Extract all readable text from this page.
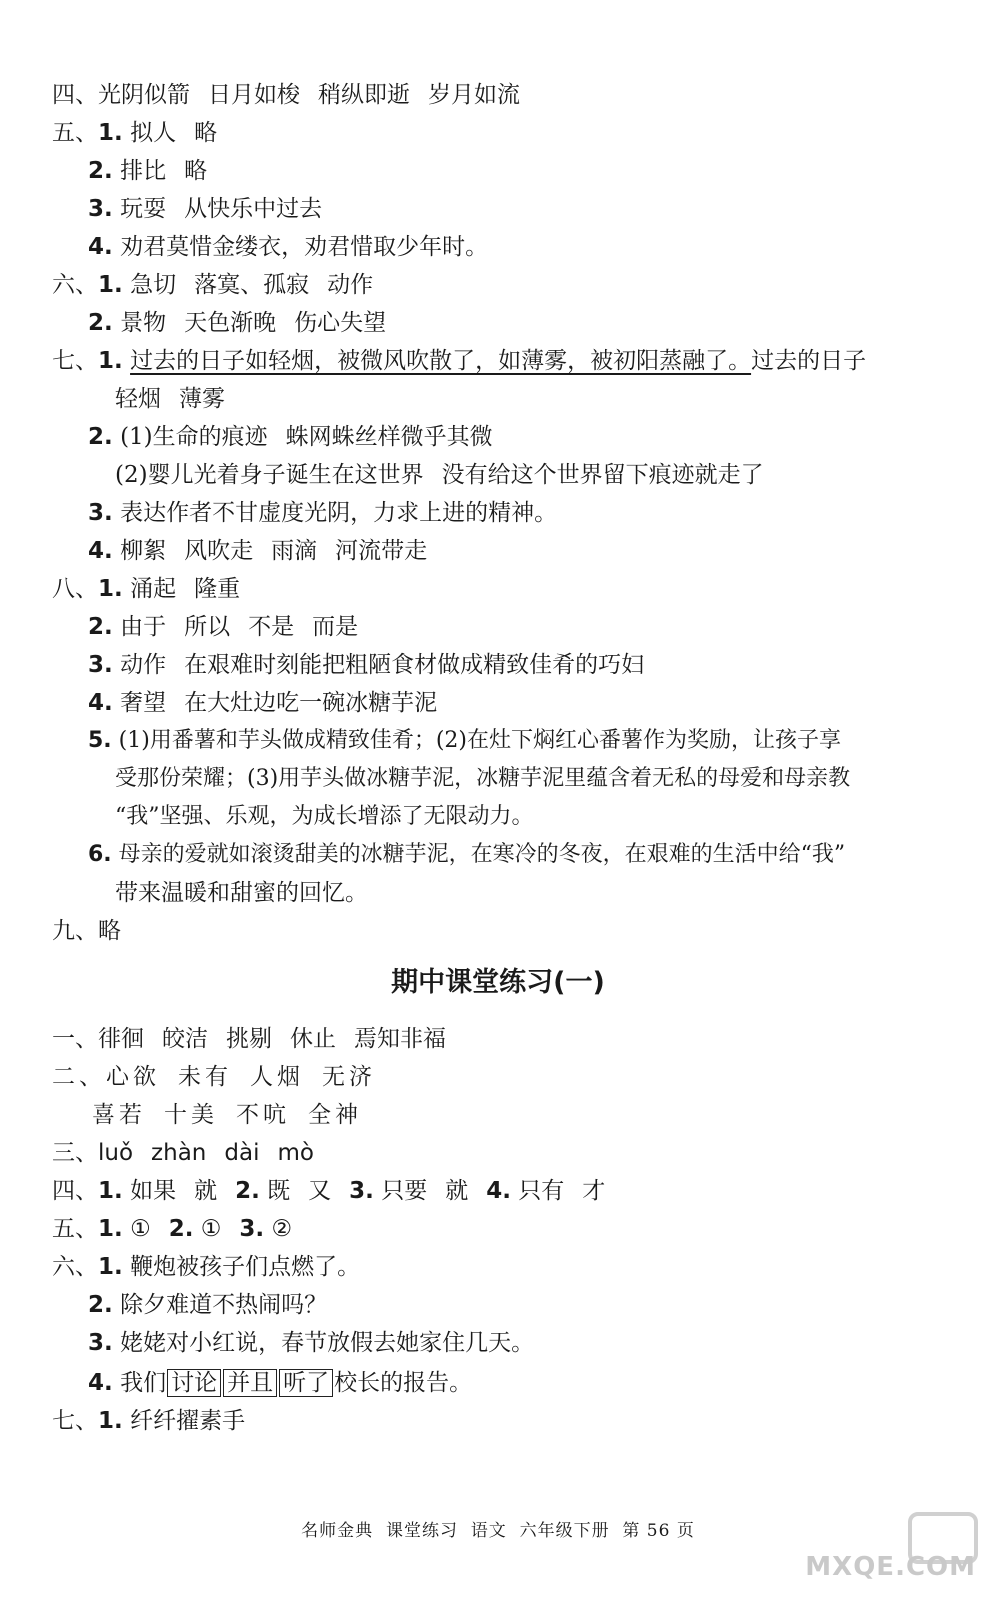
四、光阴似箭 日月如梭 稍纵即逝 岁月如流
五、1. 拟人 略
2. 排比 略
3. 玩耍 从快乐中过去
4. 劝君莫惜金缕衣，劝君惜取少年时。
六、1. 急切 落寞、孤寂 动作
2. 景物 天色渐晚 伤心失望
七、1. 过去的日子如轻烟，被微风吹散了，如薄雾，被初阳蒸融了。过去的日子
轻烟 薄雾
2. (1)生命的痕迹 蛛网蛛丝样微乎其微
(2)婴儿光着身子诞生在这世界 没有给这个世界留下痕迹就走了
3. 表达作者不甘虚度光阴，力求上进的精神。
4. 柳絮 风吹走 雨滴 河流带走
八、1. 涌起 隆重
2. 由于 所以 不是 而是
3. 动作 在艰难时刻能把粗陋食材做成精致佳肴的巧妇
4. 奢望 在大灶边吃一碗冰糖芋泥
5. (1)用番薯和芋头做成精致佳肴；(2)在灶下焖红心番薯作为奖励，让孩子享
受那份荣耀；(3)用芋头做冰糖芋泥，冰糖芋泥里蕴含着无私的母爱和母亲教
“我”坚强、乐观，为成长增添了无限动力。
6. 母亲的爱就如滚烫甜美的冰糖芋泥，在寒冷的冬夜，在艰难的生活中给“我”
带来温暖和甜蜜的回忆。
九、略
期中课堂练习(一)
一、徘徊 皎洁 挑剔 休止 焉知非福
二、心欲 未有 人烟 无济
喜若 十美 不吭 全神
三、luǒ zhàn dài mò
四、1. 如果 就 2. 既 又 3. 只要 就 4. 只有 才
五、1. ① 2. ① 3. ②
六、1. 鞭炮被孩子们点燃了。
2. 除夕难道不热闹吗？
3. 姥姥对小红说，春节放假去她家住几天。
4. 我们 讨论 并且 听了 校长的报告。
七、1. 纤纤擢素手
名师金典 课堂练习 语文 六年级下册 第 56 页
MXQE.COM
